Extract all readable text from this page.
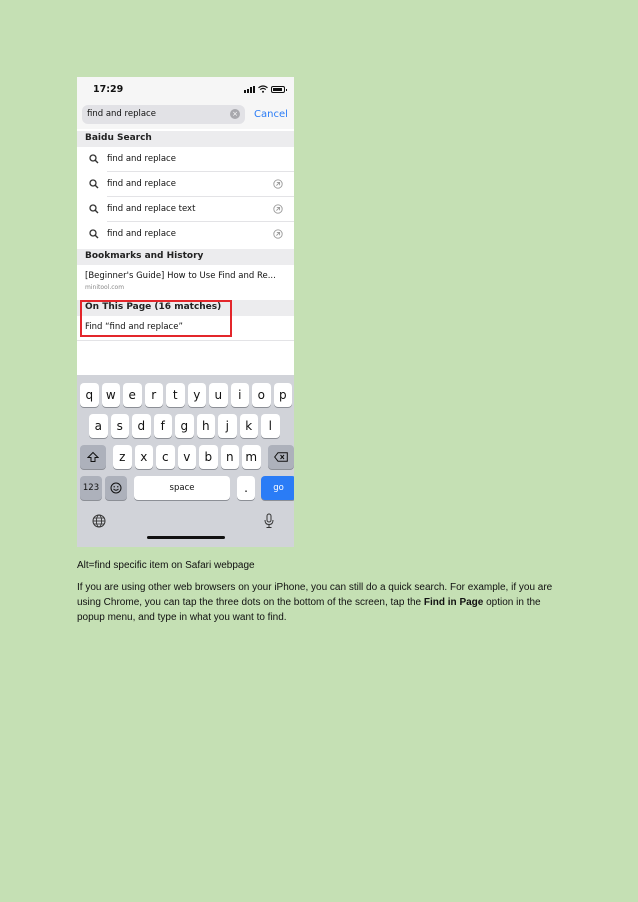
17:29
find and replace	× Cancel
Baidu Search
find and replace
find and replace
find and replace text
find and replace
Bookmarks and History
[Beginner's Guide] How to Use Find and Re...
minitool.com
On This Page (16 matches)
Find “find and replace”
q	w	e	r	t	y	u	i	o	p
a	s	d	f	g	h	j	k	l
z	x	c	v	b	n m
123	space	.	go
Alt=find specific item on Safari webpage

If you are using other web browsers on your iPhone, you can still do a quick search. For example, if you are using Chrome, you can tap the three dots on the bottom of the screen, tap the Find in Page option in the popup menu, and type in what you want to find.
